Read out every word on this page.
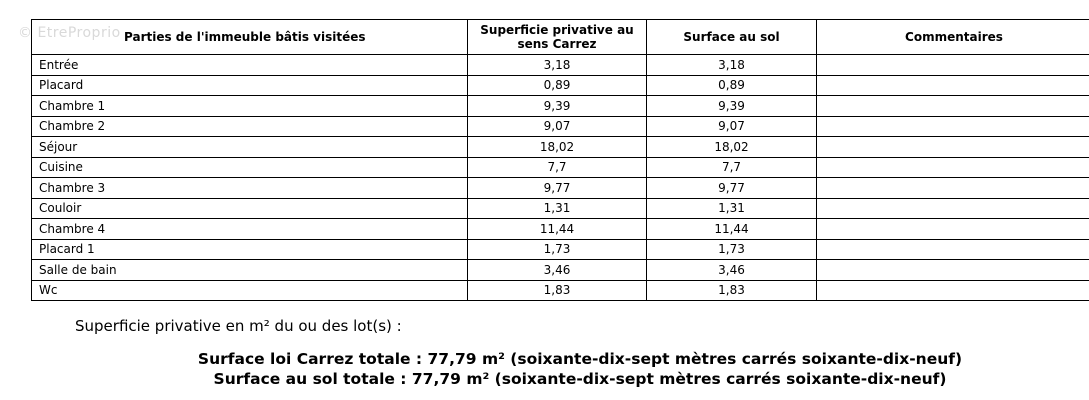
© EtreProprio Parties de l'immeuble bâtis visitées	Superficie privative au sens Carrez	Surface au sol	Commentaires
Entrée	3,18	3,18	
Placard	0,89	0,89	
Chambre 1	9,39	9,39	
Chambre 2	9,07	9,07	
Séjour	18,02	18,02	
Cuisine	7,7	7,7	
Chambre 3	9,77	9,77	
Couloir	1,31	1,31	
Chambre 4	11,44	11,44	
Placard 1	1,73	1,73	
Salle de bain	3,46	3,46	
Wc	1,83	1,83	
Superficie privative en m² du ou des lot(s) :
Surface loi Carrez totale : 77,79 m² (soixante-dix-sept mètres carrés soixante-dix-neuf)
Surface au sol totale : 77,79 m² (soixante-dix-sept mètres carrés soixante-dix-neuf)
